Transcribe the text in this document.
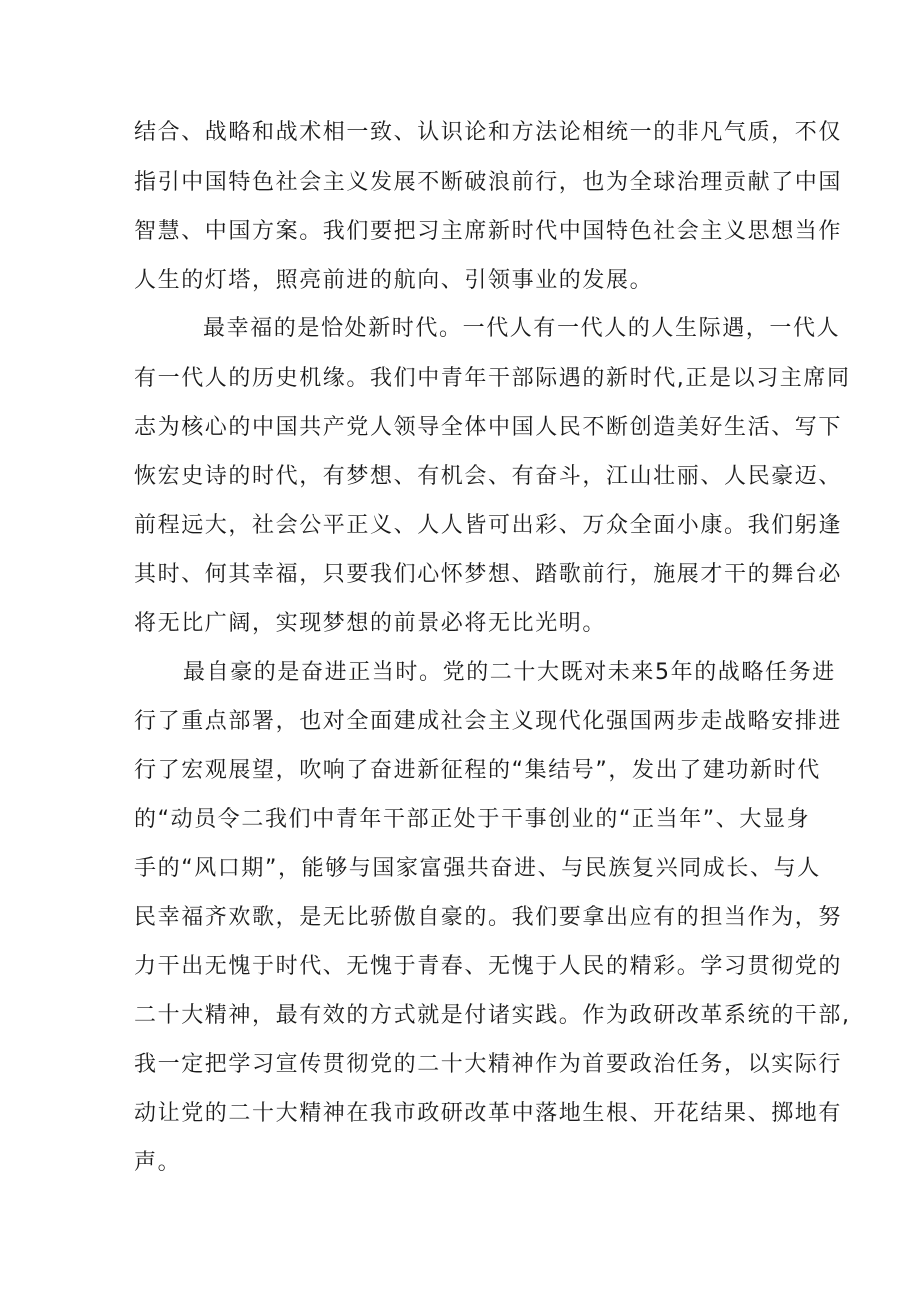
结合、战略和战术相一致、认识论和方法论相统一的非凡气质，不仅
指引中国特色社会主义发展不断破浪前行，也为全球治理贡献了中国
智慧、中国方案。我们要把习主席新时代中国特色社会主义思想当作
人生的灯塔，照亮前进的航向、引领事业的发展。
最幸福的是恰处新时代。一代人有一代人的人生际遇，一代人
有一代人的历史机缘。我们中青年干部际遇的新时代,正是以习主席同
志为核心的中国共产党人领导全体中国人民不断创造美好生活、写下
恢宏史诗的时代，有梦想、有机会、有奋斗，江山壮丽、人民豪迈、
前程远大，社会公平正义、人人皆可出彩、万众全面小康。我们躬逢
其时、何其幸福，只要我们心怀梦想、踏歌前行，施展才干的舞台必
将无比广阔，实现梦想的前景必将无比光明。
最自豪的是奋进正当时。党的二十大既对未来5年的战略任务进
行了重点部署，也对全面建成社会主义现代化强国两步走战略安排进
行了宏观展望，吹响了奋进新征程的“集结号”，发出了建功新时代
的“动员令二我们中青年干部正处于干事创业的“正当年”、大显身
手的“风口期”，能够与国家富强共奋进、与民族复兴同成长、与人
民幸福齐欢歌，是无比骄傲自豪的。我们要拿出应有的担当作为，努
力干出无愧于时代、无愧于青春、无愧于人民的精彩。学习贯彻党的
二十大精神，最有效的方式就是付诸实践。作为政研改革系统的干部,
我一定把学习宣传贯彻党的二十大精神作为首要政治任务，以实际行
动让党的二十大精神在我市政研改革中落地生根、开花结果、掷地有
声。
